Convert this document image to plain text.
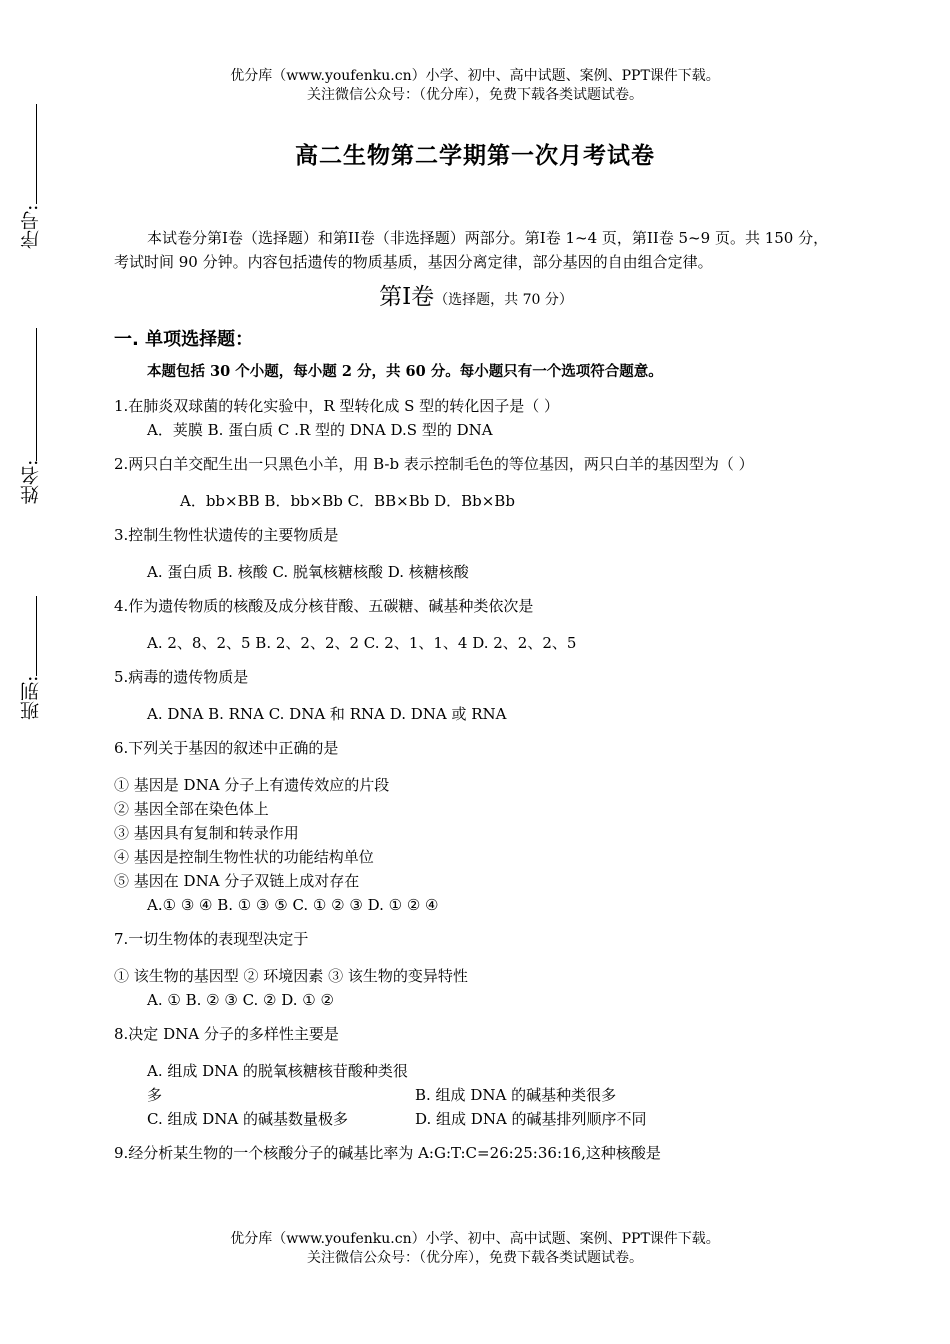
优分库（www.youfenku.cn）小学、初中、高中试题、案例、PPT课件下载。
关注微信公众号：（优分库），免费下载各类试题试卷。
序号:
姓名:
班别:
高二生物第二学期第一次月考试卷

本试卷分第I卷（选择题）和第II卷（非选择题）两部分。第I卷 1~4 页，第II卷 5~9 页。共 150 分，考试时间 90 分钟。内容包括遗传的物质基质，基因分离定律，部分基因的自由组合定律。

第I卷（选择题，共 70 分）
一. 单项选择题：
本题包括 30 个小题，每小题 2 分，共 60 分。每小题只有一个选项符合题意。
1.在肺炎双球菌的转化实验中，R 型转化成 S 型的转化因子是（ ）
A．荚膜 B. 蛋白质 C .R 型的 DNA D.S 型的 DNA
2.两只白羊交配生出一只黑色小羊，用 B-b 表示控制毛色的等位基因，两只白羊的基因型为（ ）
A．bb×BB B．bb×Bb C．BB×Bb D．Bb×Bb
3.控制生物性状遗传的主要物质是
A. 蛋白质 B. 核酸 C. 脱氧核糖核酸 D. 核糖核酸
4.作为遗传物质的核酸及成分核苷酸、五碳糖、碱基种类依次是
A. 2、8、2、5 B. 2、2、2、2 C. 2、1、1、4 D. 2、2、2、5
5.病毒的遗传物质是
A. DNA B. RNA C. DNA 和 RNA D. DNA 或 RNA
6.下列关于基因的叙述中正确的是
① 基因是 DNA 分子上有遗传效应的片段
② 基因全部在染色体上
③ 基因具有复制和转录作用
④ 基因是控制生物性状的功能结构单位
⑤ 基因在 DNA 分子双链上成对存在
A.① ③ ④ B. ① ③ ⑤ C. ① ② ③ D. ① ② ④
7.一切生物体的表现型决定于
① 该生物的基因型 ② 环境因素 ③ 该生物的变异特性
A. ① B. ② ③ C. ② D. ① ②
8.决定 DNA 分子的多样性主要是
A. 组成 DNA 的脱氧核糖核苷酸种类很多	B. 组成 DNA 的碱基种类很多
C. 组成 DNA 的碱基数量极多	D. 组成 DNA 的碱基排列顺序不同
9.经分析某生物的一个核酸分子的碱基比率为 A:G:T:C=26:25:36:16,这种核酸是
优分库（www.youfenku.cn）小学、初中、高中试题、案例、PPT课件下载。
关注微信公众号：（优分库），免费下载各类试题试卷。
